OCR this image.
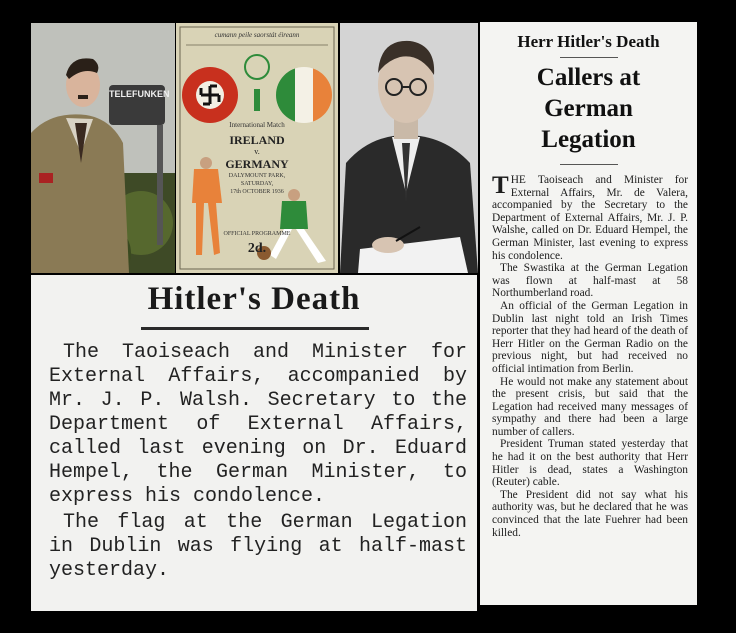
TELEFUNKEN
cumann peile saorstát éireann
International Match
IRELAND
v.
GERMANY
DALYMOUNT PARK,
SATURDAY,
17th OCTOBER 1936
OFFICIAL PROGRAMME
2d.
Hitler's Death

The Taoiseach and Minister for External Affairs, accompanied by Mr. J. P. Walsh. Secretary to the Department of External Affairs, called last evening on Dr. Eduard Hempel, the German Minister, to express his condolence.

The flag at the German Legation in Dublin was flying at half-mast yesterday.

Herr Hitler's Death
Callers at
German
Legation

THE Taoiseach and Minister for External Affairs, Mr. de Valera, accompanied by the Secretary to the Department of External Affairs, Mr. J. P. Walshe, called on Dr. Eduard Hempel, the German Minister, last evening to express his condolence.

The Swastika at the German Legation was flown at half-mast at 58 Northumberland road.

An official of the German Legation in Dublin last night told an Irish Times reporter that they had heard of the death of Herr Hitler on the German Radio on the previous night, but had received no official intimation from Berlin.

He would not make any statement about the present crisis, but said that the Legation had received many messages of sympathy and there had been a large number of callers.

President Truman stated yesterday that he had it on the best authority that Herr Hitler is dead, states a Washington (Reuter) cable.

The President did not say what his authority was, but he declared that he was convinced that the late Fuehrer had been killed.
